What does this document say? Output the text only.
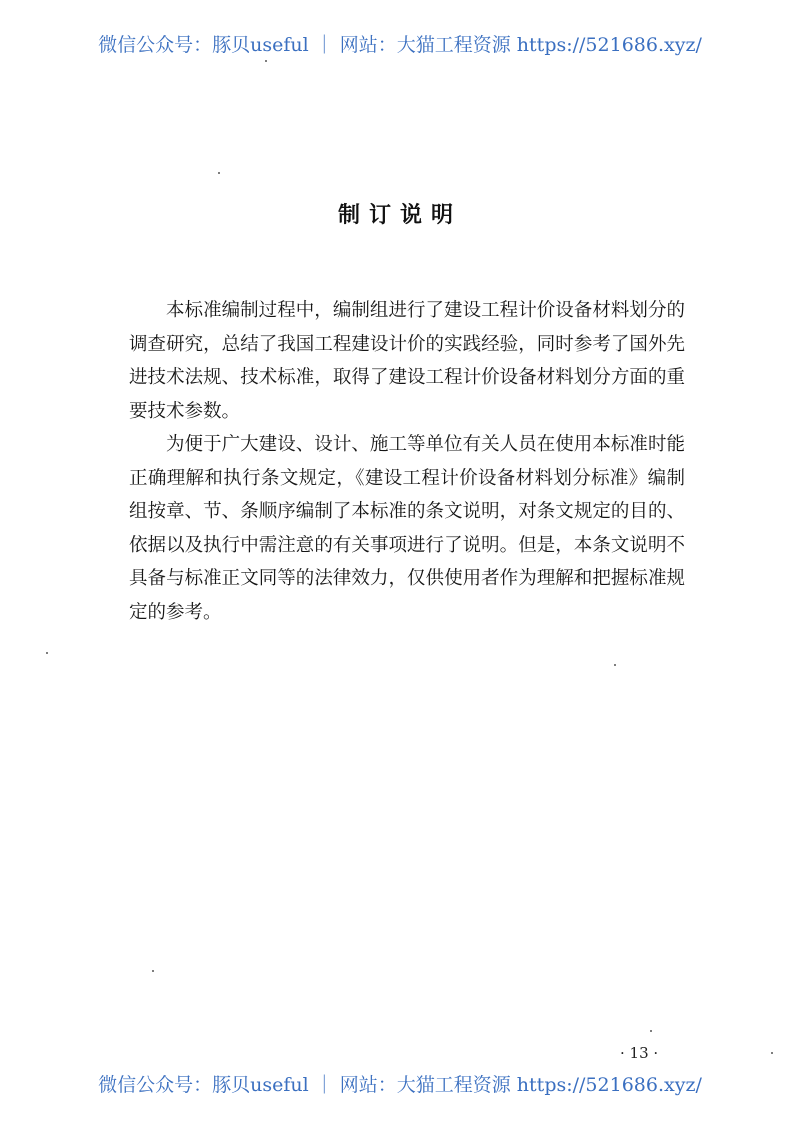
微信公众号：豚贝useful ｜ 网站：大猫工程资源 https://521686.xyz/
制订说明

本标准编制过程中，编制组进行了建设工程计价设备材料划分的调查研究，总结了我国工程建设计价的实践经验，同时参考了国外先进技术法规、技术标准，取得了建设工程计价设备材料划分方面的重要技术参数。

为便于广大建设、设计、施工等单位有关人员在使用本标准时能正确理解和执行条文规定，《建设工程计价设备材料划分标准》编制组按章、节、条顺序编制了本标准的条文说明，对条文规定的目的、依据以及执行中需注意的有关事项进行了说明。但是，本条文说明不具备与标准正文同等的法律效力，仅供使用者作为理解和把握标准规定的参考。

· 13 ·
微信公众号：豚贝useful ｜ 网站：大猫工程资源 https://521686.xyz/
